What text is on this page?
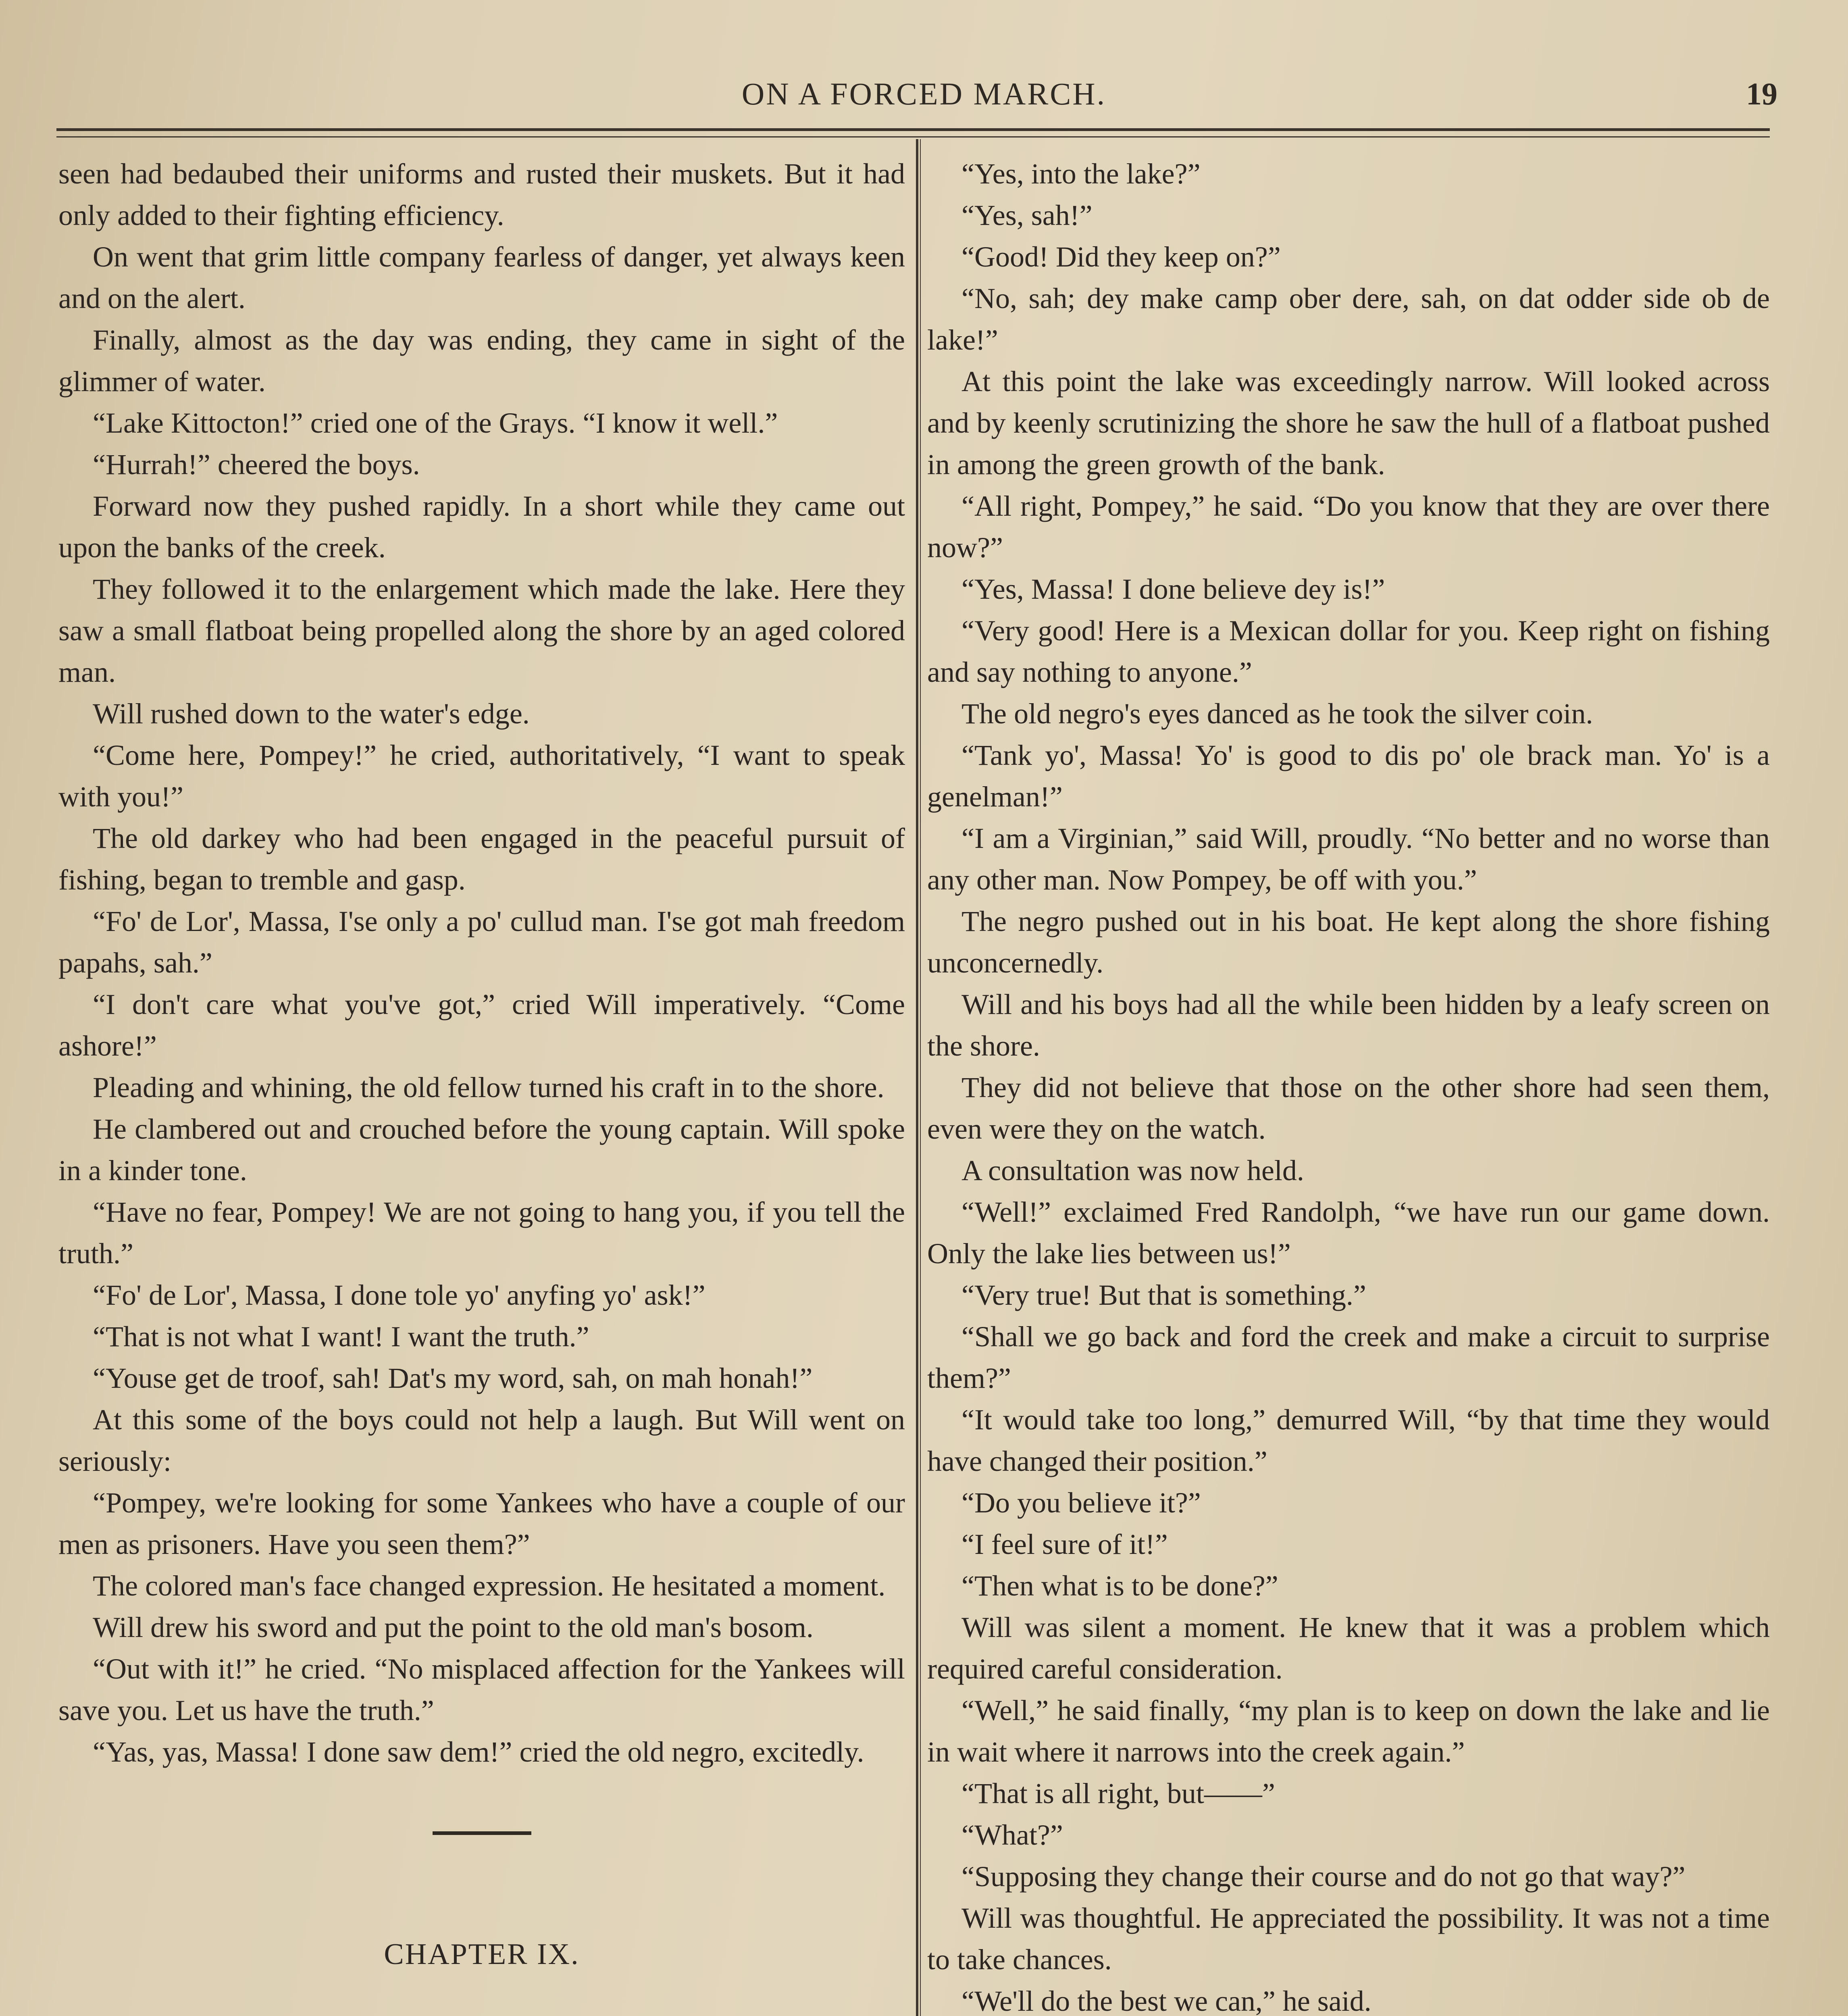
ON A FORCED MARCH.	19

seen had bedaubed their uniforms and rusted their muskets. But it had only added to their fighting efficiency.

On went that grim little company fearless of danger, yet always keen and on the alert.

Finally, almost as the day was ending, they came in sight of the glimmer of water.

“Lake Kittocton!” cried one of the Grays. “I know it well.”

“Hurrah!” cheered the boys.

Forward now they pushed rapidly. In a short while they came out upon the banks of the creek.

They followed it to the enlargement which made the lake. Here they saw a small flatboat being propelled along the shore by an aged colored man.

Will rushed down to the water's edge.

“Come here, Pompey!” he cried, authoritatively, “I want to speak with you!”

The old darkey who had been engaged in the peaceful pursuit of fishing, began to tremble and gasp.

“Fo' de Lor', Massa, I'se only a po' cullud man. I'se got mah freedom papahs, sah.”

“I don't care what you've got,” cried Will imperatively. “Come ashore!”

Pleading and whining, the old fellow turned his craft in to the shore.

He clambered out and crouched before the young captain. Will spoke in a kinder tone.

“Have no fear, Pompey! We are not going to hang you, if you tell the truth.”

“Fo' de Lor', Massa, I done tole yo' anyfing yo' ask!”

“That is not what I want! I want the truth.”

“Youse get de troof, sah! Dat's my word, sah, on mah honah!”

At this some of the boys could not help a laugh. But Will went on seriously:

“Pompey, we're looking for some Yankees who have a couple of our men as prisoners. Have you seen them?”

The colored man's face changed expression. He hesitated a moment.

Will drew his sword and put the point to the old man's bosom.

“Out with it!” he cried. “No misplaced affection for the Yankees will save you. Let us have the truth.”

“Yas, yas, Massa! I done saw dem!” cried the old negro, excitedly.

CHAPTER IX.

“Yes, into the lake?”

“Yes, sah!”

“Good! Did they keep on?”

“No, sah; dey make camp ober dere, sah, on dat odder side ob de lake!”

At this point the lake was exceedingly narrow. Will looked across and by keenly scrutinizing the shore he saw the hull of a flatboat pushed in among the green growth of the bank.

“All right, Pompey,” he said. “Do you know that they are over there now?”

“Yes, Massa! I done believe dey is!”

“Very good! Here is a Mexican dollar for you. Keep right on fishing and say nothing to anyone.”

The old negro's eyes danced as he took the silver coin.

“Tank yo', Massa! Yo' is good to dis po' ole brack man. Yo' is a genelman!”

“I am a Virginian,” said Will, proudly. “No better and no worse than any other man. Now Pompey, be off with you.”

The negro pushed out in his boat. He kept along the shore fishing unconcernedly.

Will and his boys had all the while been hidden by a leafy screen on the shore.

They did not believe that those on the other shore had seen them, even were they on the watch.

A consultation was now held.

“Well!” exclaimed Fred Randolph, “we have run our game down. Only the lake lies between us!”

“Very true! But that is something.”

“Shall we go back and ford the creek and make a circuit to surprise them?”

“It would take too long,” demurred Will, “by that time they would have changed their position.”

“Do you believe it?”

“I feel sure of it!”

“Then what is to be done?”

Will was silent a moment. He knew that it was a problem which required careful consideration.

“Well,” he said finally, “my plan is to keep on down the lake and lie in wait where it narrows into the creek again.”

“That is all right, but——”

“What?”

“Supposing they change their course and do not go that way?”

Will was thoughtful. He appreciated the possibility. It was not a time to take chances.

“We'll do the best we can,” he said.
